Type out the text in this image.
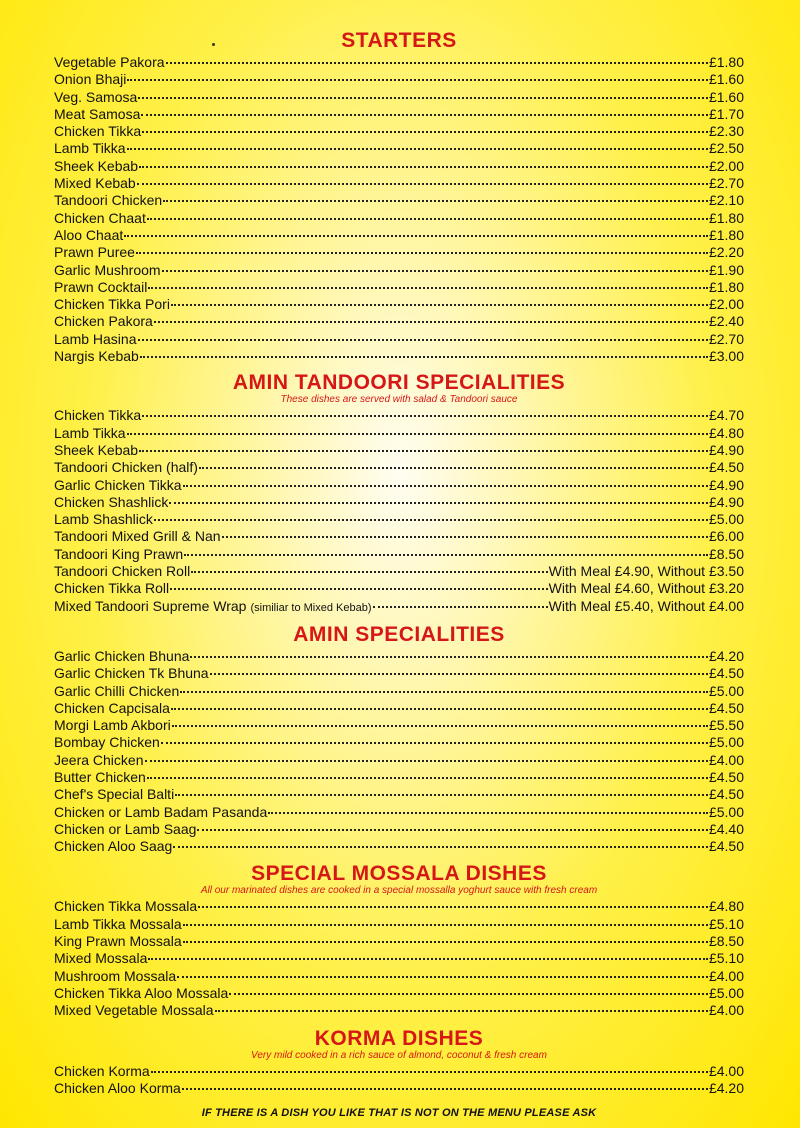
STARTERS
Vegetable Pakora	£1.80
Onion Bhaji	£1.60
Veg. Samosa	£1.60
Meat Samosa	£1.70
Chicken Tikka	£2.30
Lamb Tikka	£2.50
Sheek Kebab	£2.00
Mixed Kebab	£2.70
Tandoori Chicken	£2.10
Chicken Chaat	£1.80
Aloo Chaat	£1.80
Prawn Puree	£2.20
Garlic Mushroom	£1.90
Prawn Cocktail	£1.80
Chicken Tikka Pori	£2.00
Chicken Pakora	£2.40
Lamb Hasina	£2.70
Nargis Kebab	£3.00
AMIN TANDOORI SPECIALITIES
These dishes are served with salad & Tandoori sauce
Chicken Tikka	£4.70
Lamb Tikka	£4.80
Sheek Kebab	£4.90
Tandoori Chicken (half)	£4.50
Garlic Chicken Tikka	£4.90
Chicken Shashlick	£4.90
Lamb Shashlick	£5.00
Tandoori Mixed Grill & Nan	£6.00
Tandoori King Prawn	£8.50
Tandoori Chicken Roll	With Meal £4.90, Without £3.50
Chicken Tikka Roll	With Meal £4.60, Without £3.20
Mixed Tandoori Supreme Wrap (similiar to Mixed Kebab)	With Meal £5.40, Without £4.00
AMIN SPECIALITIES
Garlic Chicken Bhuna	£4.20
Garlic Chicken Tk Bhuna	£4.50
Garlic Chilli Chicken	£5.00
Chicken Capcisala	£4.50
Morgi Lamb Akbori	£5.50
Bombay Chicken	£5.00
Jeera Chicken	£4.00
Butter Chicken	£4.50
Chef's Special Balti	£4.50
Chicken or Lamb Badam Pasanda	£5.00
Chicken or Lamb Saag	£4.40
Chicken Aloo Saag	£4.50
SPECIAL MOSSALA DISHES
All our marinated dishes are cooked in a special mossalla yoghurt sauce with fresh cream
Chicken Tikka Mossala	£4.80
Lamb Tikka Mossala	£5.10
King Prawn Mossala	£8.50
Mixed Mossala	£5.10
Mushroom Mossala	£4.00
Chicken Tikka Aloo Mossala	£5.00
Mixed Vegetable Mossala	£4.00
KORMA DISHES
Very mild cooked in a rich sauce of almond, coconut & fresh cream
Chicken Korma	£4.00
Chicken Aloo Korma	£4.20
IF THERE IS A DISH YOU LIKE THAT IS NOT ON THE MENU PLEASE ASK
